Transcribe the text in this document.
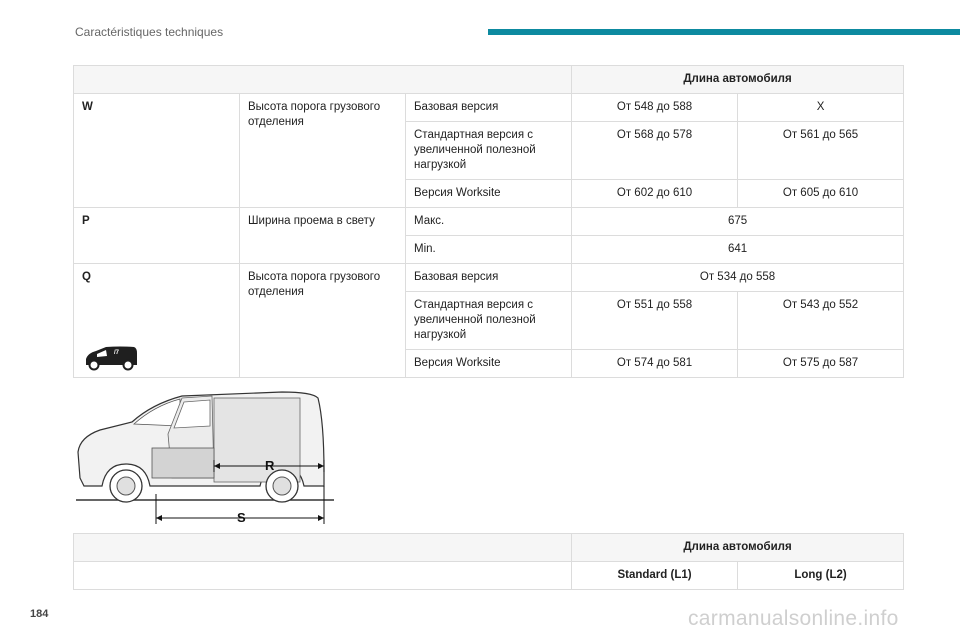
Caractéristiques techniques
			Длина автомобиля	
W	Высота порога грузового отделения	Базовая версия	От 548 до 588	X
		Стандартная версия с увеличенной полезной нагрузкой	От 568 до 578	От 561 до 565
		Версия Worksite	От 602 до 610	От 605 до 610
P	Ширина проема в свету	Макс.	675	
		Min.	641	
Q	Высота порога грузового отделения	Базовая версия	От 534 до 558	
		Стандартная версия с увеличенной полезной нагрузкой	От 551 до 558	От 543 до 552
		Версия Worksite	От 574 до 581	От 575 до 587
/7
R
S
	Длина автомобиля	
	Standard (L1)	Long (L2)
184	carmanualsonline.info
